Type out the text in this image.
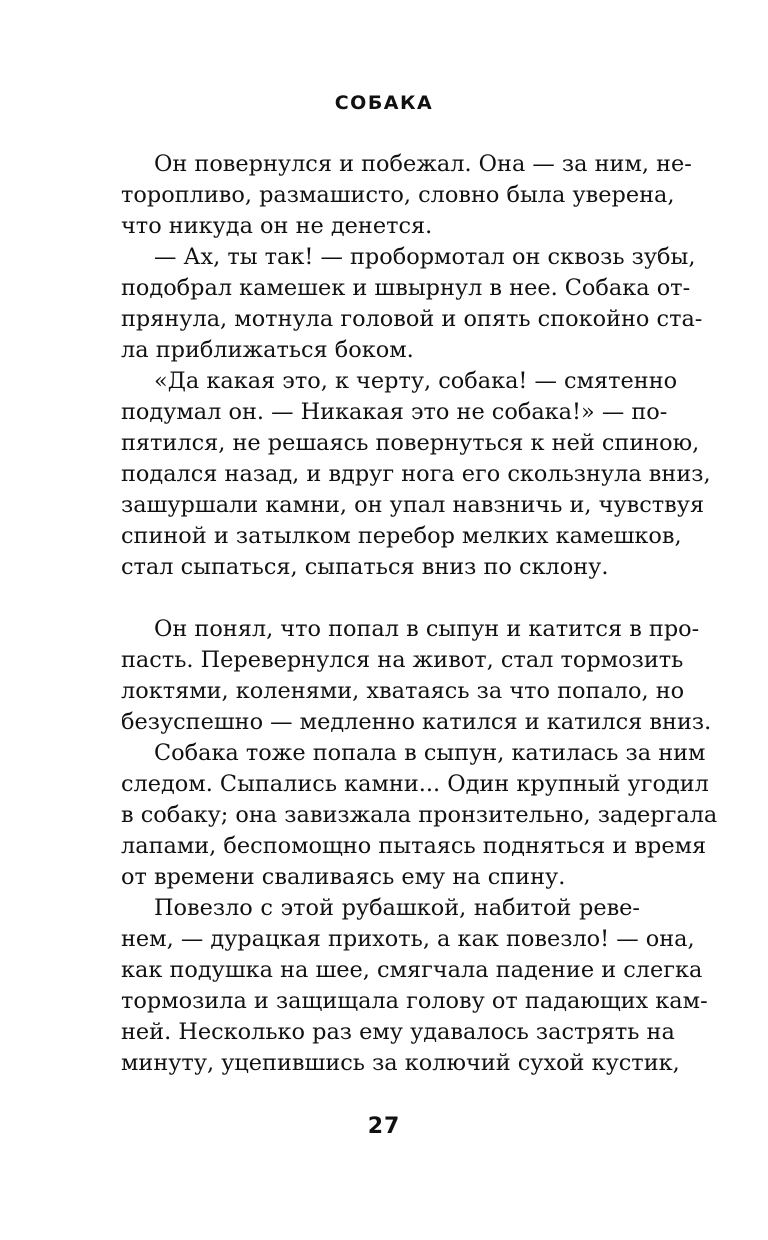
СОБАКА

Он повернулся и побежал. Она — за ним, не-
торопливо, размашисто, словно была уверена,
что никуда он не денется.

— Ах, ты так! — пробормотал он сквозь зубы,
подобрал камешек и швырнул в нее. Собака от-
прянула, мотнула головой и опять спокойно ста-
ла приближаться боком.

«Да какая это, к черту, собака! — смятенно
подумал он. — Никакая это не собака!» — по-
пятился, не решаясь повернуться к ней спиною,
подался назад, и вдруг нога его скользнула вниз,
зашуршали камни, он упал навзничь и, чувствуя
спиной и затылком перебор мелких камешков,
стал сыпаться, сыпаться вниз по склону.

Он понял, что попал в сыпун и катится в про-
пасть. Перевернулся на живот, стал тормозить
локтями, коленями, хватаясь за что попало, но
безуспешно — медленно катился и катился вниз.

Собака тоже попала в сыпун, катилась за ним
следом. Сыпались камни... Один крупный угодил
в собаку; она завизжала пронзительно, задергала
лапами, беспомощно пытаясь подняться и время
от времени сваливаясь ему на спину.

Повезло с этой рубашкой, набитой ревe-
нем, — дурацкая прихоть, а как повезло! — она,
как подушка на шее, смягчала падение и слегка
тормозила и защищала голову от падающих кам-
ней. Несколько раз ему удавалось застрять на
минуту, уцепившись за колючий сухой кустик,

27
